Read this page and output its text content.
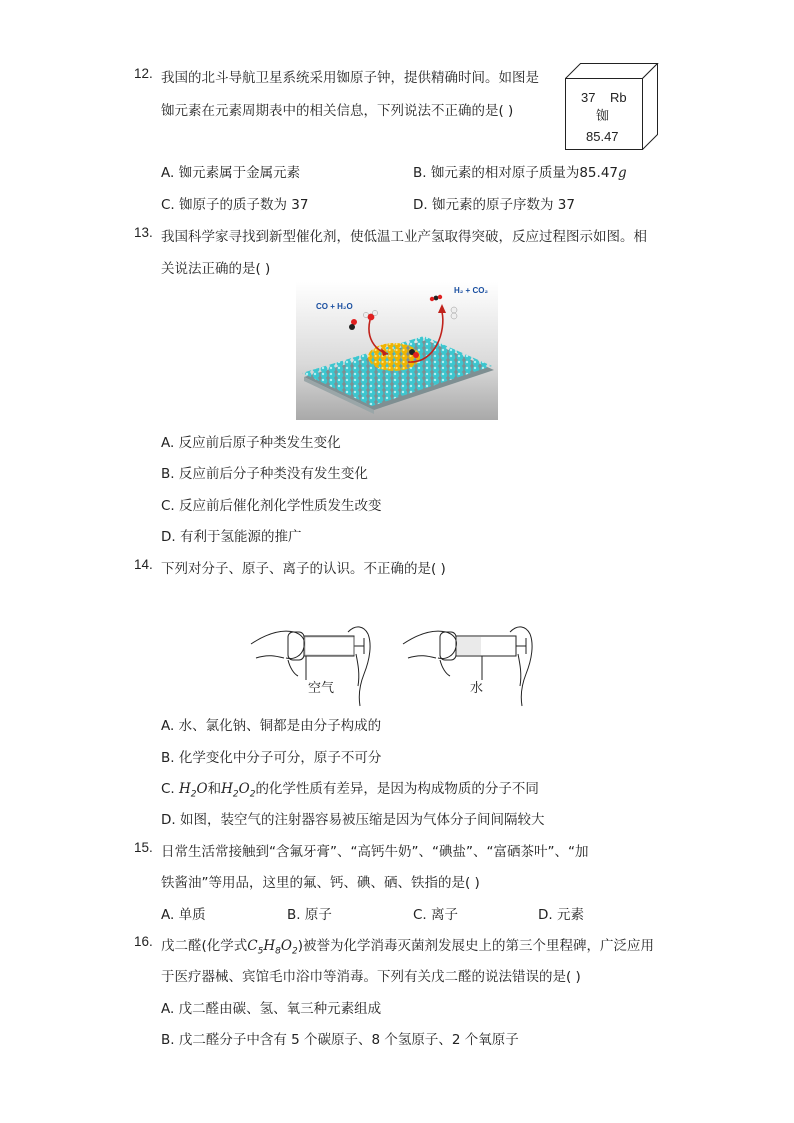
12. 我国的北斗导航卫星系统采用铷原子钟，提供精确时间。如图是
铷元素在元素周期表中的相关信息，下列说法不正确的是( )
37 Rb
铷
85.47
A. 铷元素属于金属元素	B. 铷元素的相对原子质量为85.47g
C. 铷原子的质子数为 37	D. 铷元素的原子序数为 37
13. 我国科学家寻找到新型催化剂，使低温工业产氢取得突破，反应过程图示如图。相
关说法正确的是( )
CO + H₂O
H₂ + CO₂
A. 反应前后原子种类发生变化
B. 反应前后分子种类没有发生变化
C. 反应前后催化剂化学性质发生改变
D. 有利于氢能源的推广
14. 下列对分子、原子、离子的认识。不正确的是( )
空气	水
A. 水、氯化钠、铜都是由分子构成的
B. 化学变化中分子可分，原子不可分
C. $H_2O$和$H_2O_2$的化学性质有差异，是因为构成物质的分子不同
D. 如图，装空气的注射器容易被压缩是因为气体分子间间隔较大
15. 日常生活常接触到“含氟牙膏”、“高钙牛奶”、“碘盐”、“富硒茶叶”、“加
铁酱油”等用品，这里的氟、钙、碘、硒、铁指的是( )
A. 单质	B. 原子	C. 离子	D. 元素
16. 戊二醛(化学式$C_5H_8O_2$)被誉为化学消毒灭菌剂发展史上的第三个里程碑，广泛应用
于医疗器械、宾馆毛巾浴巾等消毒。下列有关戊二醛的说法错误的是( )
A. 戊二醛由碳、氢、氧三种元素组成
B. 戊二醛分子中含有 5 个碳原子、8 个氢原子、2 个氧原子
